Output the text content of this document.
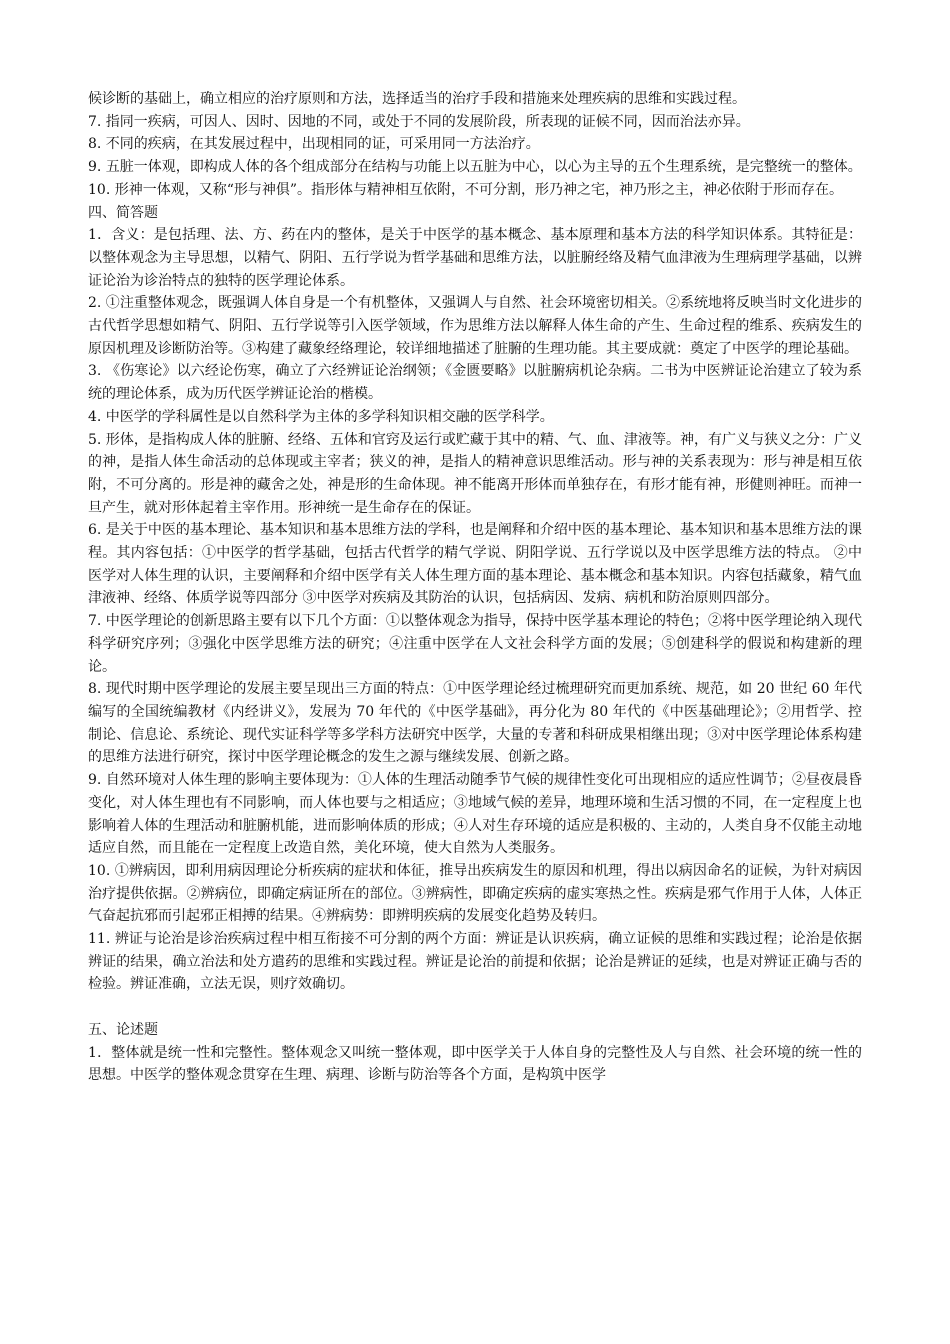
候诊断的基础上，确立相应的治疗原则和方法，选择适当的治疗手段和措施来处理疾病的思维和实践过程。

7. 指同一疾病，可因人、因时、因地的不同，或处于不同的发展阶段，所表现的证候不同，因而治法亦异。

8. 不同的疾病，在其发展过程中，出现相同的证，可采用同一方法治疗。

9. 五脏一体观，即构成人体的各个组成部分在结构与功能上以五脏为中心，以心为主导的五个生理系统，是完整统一的整体。

10. 形神一体观，又称“形与神俱”。指形体与精神相互依附，不可分割，形乃神之宅，神乃形之主，神必依附于形而存在。

四、简答题

1．含义：是包括理、法、方、药在内的整体，是关于中医学的基本概念、基本原理和基本方法的科学知识体系。其特征是：以整体观念为主导思想，以精气、阴阳、五行学说为哲学基础和思维方法，以脏腑经络及精气血津液为生理病理学基础，以辨证论治为诊治特点的独特的医学理论体系。

2. ①注重整体观念，既强调人体自身是一个有机整体，又强调人与自然、社会环境密切相关。②系统地将反映当时文化进步的古代哲学思想如精气、阴阳、五行学说等引入医学领域，作为思维方法以解释人体生命的产生、生命过程的维系、疾病发生的原因机理及诊断防治等。③构建了藏象经络理论，较详细地描述了脏腑的生理功能。其主要成就：奠定了中医学的理论基础。

3. 《伤寒论》以六经论伤寒，确立了六经辨证论治纲领；《金匮要略》以脏腑病机论杂病。二书为中医辨证论治建立了较为系统的理论体系，成为历代医学辨证论治的楷模。

4. 中医学的学科属性是以自然科学为主体的多学科知识相交融的医学科学。

5. 形体，是指构成人体的脏腑、经络、五体和官窍及运行或贮藏于其中的精、气、血、津液等。神，有广义与狭义之分：广义的神，是指人体生命活动的总体现或主宰者；狭义的神，是指人的精神意识思维活动。形与神的关系表现为：形与神是相互依附，不可分离的。形是神的藏舍之处，神是形的生命体现。神不能离开形体而单独存在，有形才能有神，形健则神旺。而神一旦产生，就对形体起着主宰作用。形神统一是生命存在的保证。

6. 是关于中医的基本理论、基本知识和基本思维方法的学科，也是阐释和介绍中医的基本理论、基本知识和基本思维方法的课程。其内容包括：①中医学的哲学基础，包括古代哲学的精气学说、阴阳学说、五行学说以及中医学思维方法的特点。 ②中医学对人体生理的认识，主要阐释和介绍中医学有关人体生理方面的基本理论、基本概念和基本知识。内容包括藏象，精气血津液神、经络、体质学说等四部分 ③中医学对疾病及其防治的认识，包括病因、发病、病机和防治原则四部分。

7. 中医学理论的创新思路主要有以下几个方面：①以整体观念为指导，保持中医学基本理论的特色；②将中医学理论纳入现代科学研究序列；③强化中医学思维方法的研究；④注重中医学在人文社会科学方面的发展；⑤创建科学的假说和构建新的理论。

8. 现代时期中医学理论的发展主要呈现出三方面的特点：①中医学理论经过梳理研究而更加系统、规范，如 20 世纪 60 年代编写的全国统编教材《内经讲义》，发展为 70 年代的《中医学基础》，再分化为 80 年代的《中医基础理论》；②用哲学、控制论、信息论、系统论、现代实证科学等多学科方法研究中医学，大量的专著和科研成果相继出现；③对中医学理论体系构建的思维方法进行研究，探讨中医学理论概念的发生之源与继续发展、创新之路。

9. 自然环境对人体生理的影响主要体现为：①人体的生理活动随季节气候的规律性变化可出现相应的适应性调节；②昼夜晨昏变化，对人体生理也有不同影响，而人体也要与之相适应；③地域气候的差异，地理环境和生活习惯的不同，在一定程度上也影响着人体的生理活动和脏腑机能，进而影响体质的形成；④人对生存环境的适应是积极的、主动的，人类自身不仅能主动地适应自然，而且能在一定程度上改造自然，美化环境，使大自然为人类服务。

10. ①辨病因，即利用病因理论分析疾病的症状和体征，推导出疾病发生的原因和机理，得出以病因命名的证候，为针对病因治疗提供依据。②辨病位，即确定病证所在的部位。③辨病性，即确定疾病的虚实寒热之性。疾病是邪气作用于人体，人体正气奋起抗邪而引起邪正相搏的结果。④辨病势：即辨明疾病的发展变化趋势及转归。

11. 辨证与论治是诊治疾病过程中相互衔接不可分割的两个方面：辨证是认识疾病，确立证候的思维和实践过程；论治是依据辨证的结果，确立治法和处方遣药的思维和实践过程。辨证是论治的前提和依据；论治是辨证的延续，也是对辨证正确与否的检验。辨证准确，立法无误，则疗效确切。

五、论述题

1．整体就是统一性和完整性。整体观念又叫统一整体观，即中医学关于人体自身的完整性及人与自然、社会环境的统一性的思想。中医学的整体观念贯穿在生理、病理、诊断与防治等各个方面，是构筑中医学
